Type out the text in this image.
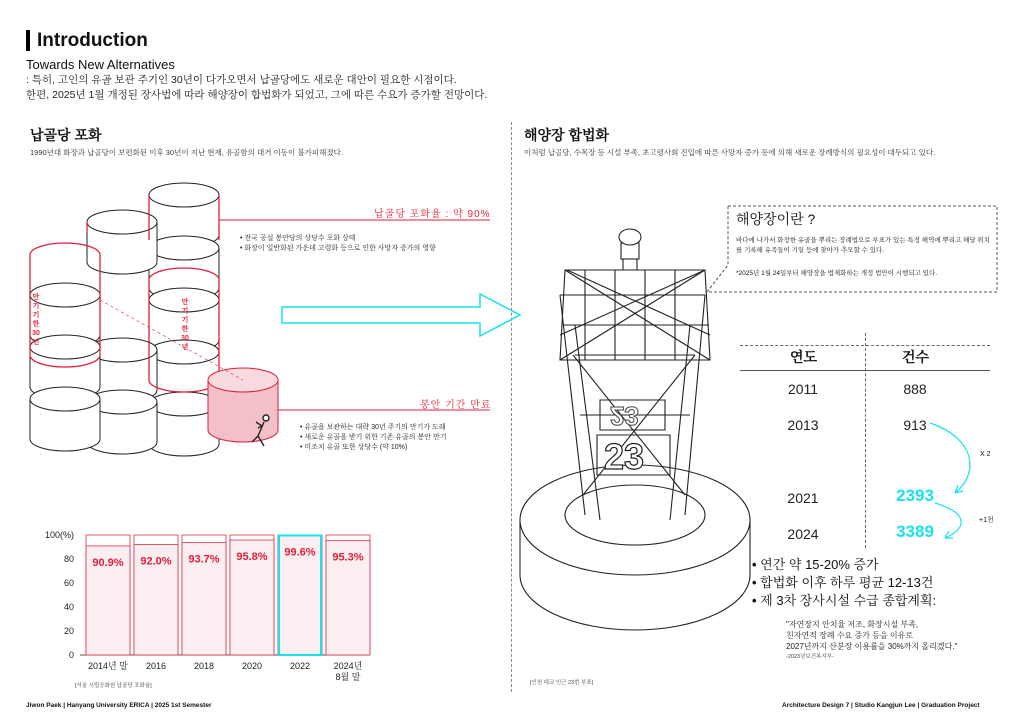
Introduction
Towards New Alternatives
: 특히, 고인의 유골 보관 주기인 30년이 다가오면서 납골당에도 새로운 대안이 필요한 시점이다.
한편, 2025년 1월 개정된 장사법에 따라 해양장이 합법화가 되었고, 그에 따른 수요가 증가할 전망이다.
납골당 포화
1990년대 화장과 납골당이 보편화된 이후 30년이 지난 현재, 유골함의 대거 이동이 불가피해졌다.
만기기한30년
만기기한30년
납골당 포화율 : 약 90%
• 전국 공설 봉안당의 상당수 포화 상태
• 화장이 일반화된 가운데 고령화 등으로 인한 사망자 증가의 영향
봉안 기간 만료
• 유골을 보관하는 대략 30년 주기의 만기가 도래
• 새로운 유골을 받기 위한 기존 유골의 봉안 만기
• 미조치 유골 또한 상당수 (약 10%)
0
20
40
60
80
100(%)
90.9%
2014년 말
92.0%
2016
93.7%
2018
95.8%
2020
99.6%
2022
95.3%
2024년
8월 말
[서울 시립승화원 납골당 포화율]
해양장 합법화
이처럼 납골당, 수목장 등 시설 부족, 초고령사회 진입에 따른 사망자 증가 등에 의해 새로운 장례방식의 필요성이 대두되고 있다.
23
23
[인천 대교 인근 23번 부표]
해양장이란 ?
바다에 나가서 화장한 유골을 뿌리는 장례법으로 부표가 있는 특정 해역에 뿌리고 해당 위치를 기록해 유족들이 기일 등에 찾아가 추모할 수 있다.
*2025년 1월 24일부터 해양장을 법제화하는 개정 법안이 시행되고 있다.
연도	건수
2011	888
2013	913
2021	2393
2024	3389
X 2
+1천
• 연간 약 15-20% 증가
• 합법화 이후 하루 평균 12-13건
• 제 3차 장사시설 수급 종합계획:
"자연장지 안치율 저조, 화장시설 부족,
친자연적 장례 수요 증가 등을 이유로
2027년까지 산분장 이용률을 30%까지 올리겠다."
-2023년보건복지부-
Jiwon Paek | Hanyang University ERICA | 2025 1st Semester	Architecture Design 7 | Studio Kangjun Lee | Graduation Project
